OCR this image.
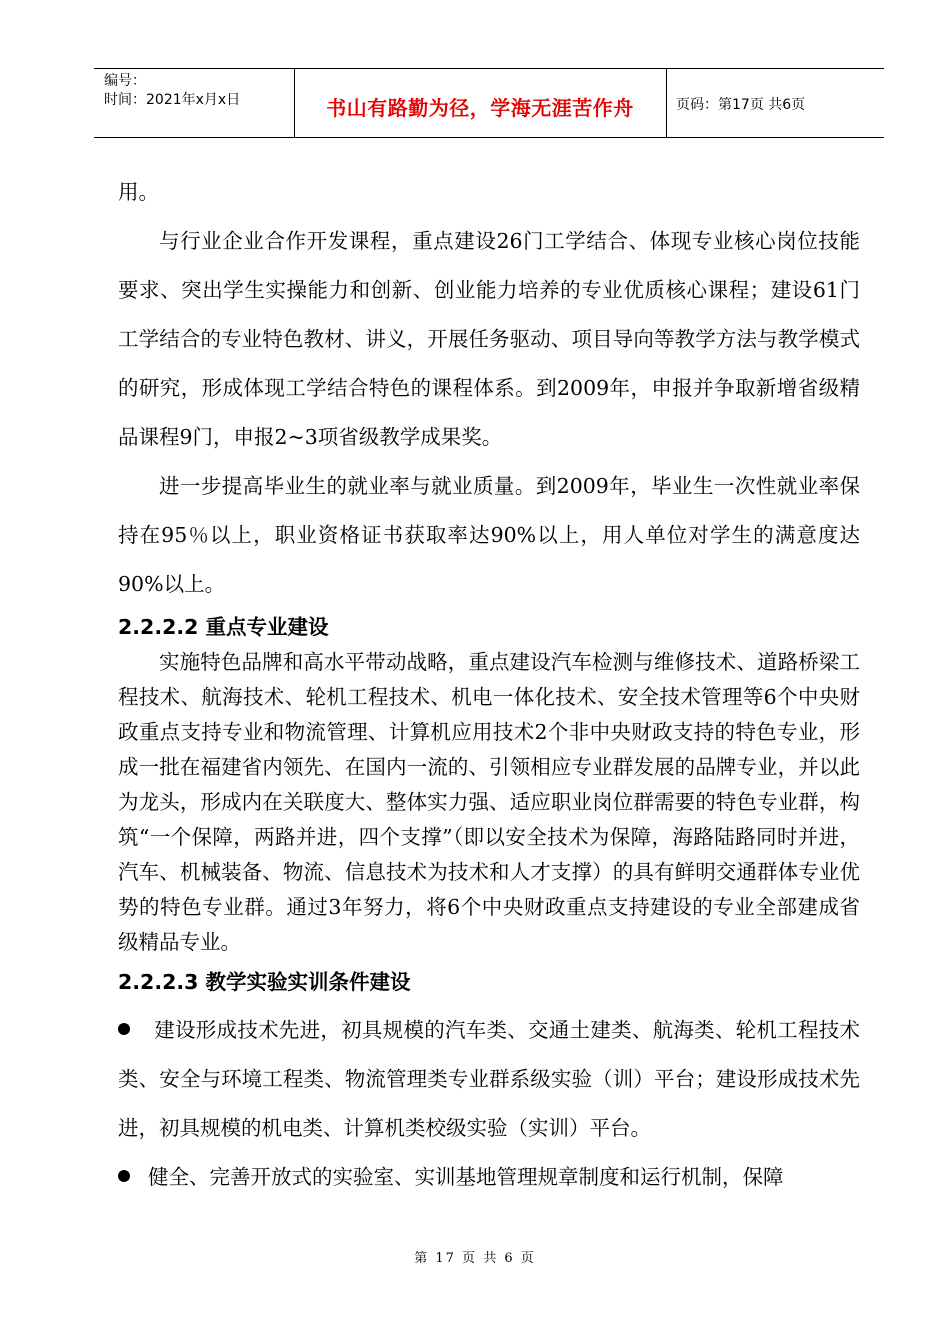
编号：
时间：2021年x月x日	书山有路勤为径，学海无涯苦作舟	页码：第17页 共6页

用。

与行业企业合作开发课程，重点建设26门工学结合、体现专业核心岗位技能要求、突出学生实操能力和创新、创业能力培养的专业优质核心课程；建设61门工学结合的专业特色教材、讲义，开展任务驱动、项目导向等教学方法与教学模式的研究，形成体现工学结合特色的课程体系。到2009年，申报并争取新增省级精品课程9门，申报2~3项省级教学成果奖。

进一步提高毕业生的就业率与就业质量。到2009年，毕业生一次性就业率保持在95％以上，职业资格证书获取率达90%以上，用人单位对学生的满意度达90%以上。

2.2.2.2 重点专业建设

实施特色品牌和高水平带动战略，重点建设汽车检测与维修技术、道路桥梁工程技术、航海技术、轮机工程技术、机电一体化技术、安全技术管理等6个中央财政重点支持专业和物流管理、计算机应用技术2个非中央财政支持的特色专业，形成一批在福建省内领先、在国内一流的、引领相应专业群发展的品牌专业，并以此为龙头，形成内在关联度大、整体实力强、适应职业岗位群需要的特色专业群，构筑“一个保障，两路并进，四个支撑”（即以安全技术为保障，海路陆路同时并进，汽车、机械装备、物流、信息技术为技术和人才支撑）的具有鲜明交通群体专业优势的特色专业群。通过3年努力，将6个中央财政重点支持建设的专业全部建成省级精品专业。

2.2.2.3 教学实验实训条件建设

建设形成技术先进，初具规模的汽车类、交通土建类、航海类、轮机工程技术类、安全与环境工程类、物流管理类专业群系级实验（训）平台；建设形成技术先进，初具规模的机电类、计算机类校级实验（实训）平台。

健全、完善开放式的实验室、实训基地管理规章制度和运行机制，保障

第 17 页 共 6 页
